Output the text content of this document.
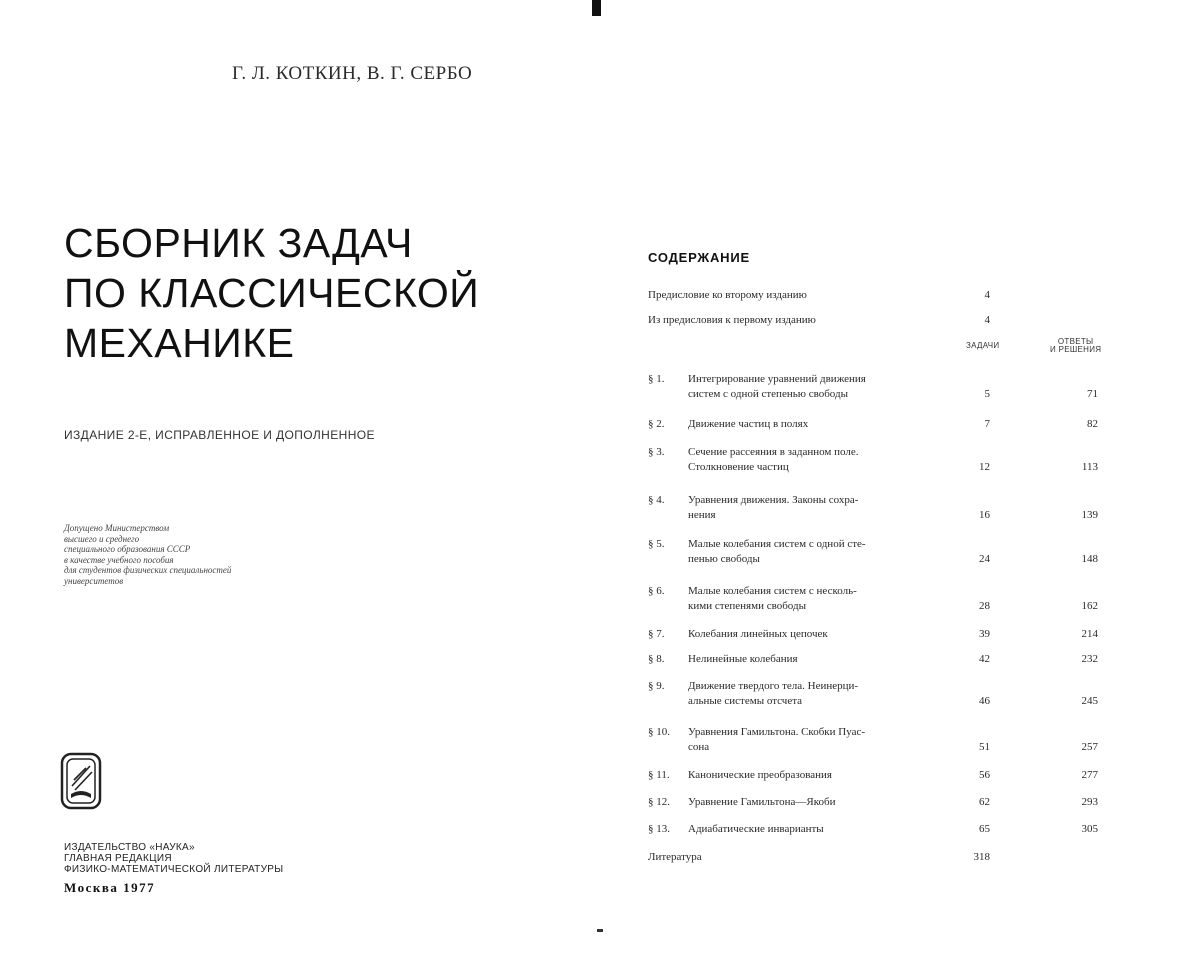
Г. Л. КОТКИН, В. Г. СЕРБО
СБОРНИК ЗАДАЧ
ПО КЛАССИЧЕСКОЙ
МЕХАНИКЕ
ИЗДАНИЕ 2-Е, ИСПРАВЛЕННОЕ И ДОПОЛНЕННОЕ
Допущено Министерством
высшего и среднего
специального образования СССР
в качестве учебного пособия
для студентов физических специальностей
университетов
ИЗДАТЕЛЬСТВО «НАУКА»
ГЛАВНАЯ РЕДАКЦИЯ
ФИЗИКО-МАТЕМАТИЧЕСКОЙ ЛИТЕРАТУРЫ
Москва 1977
СОДЕРЖАНИЕ
ЗАДАЧИ	ОТВЕТЫ
И РЕШЕНИЯ
Предисловие ко второму изданию	4
Из предисловия к первому изданию	4
§ 1.	Интегрирование уравнений движения
систем с одной степенью свободы	5	71
§ 2.	Движение частиц в полях	7	82
§ 3.	Сечение рассеяния в заданном поле.
Столкновение частиц	12	113
§ 4.	Уравнения движения. Законы сохра-
нения	16	139
§ 5.	Малые колебания систем с одной сте-
пенью свободы	24	148
§ 6.	Малые колебания систем с несколь-
кими степенями свободы	28	162
§ 7.	Колебания линейных цепочек	39	214
§ 8.	Нелинейные колебания	42	232
§ 9.	Движение твердого тела. Неинерци-
альные системы отсчета	46	245
§ 10. Уравнения Гамильтона. Скобки Пуас-
сона	51	257
§ 11. Канонические преобразования	56	277
§ 12. Уравнение Гамильтона—Якоби	62	293
§ 13. Адиабатические инварианты	65	305
Литература	318
